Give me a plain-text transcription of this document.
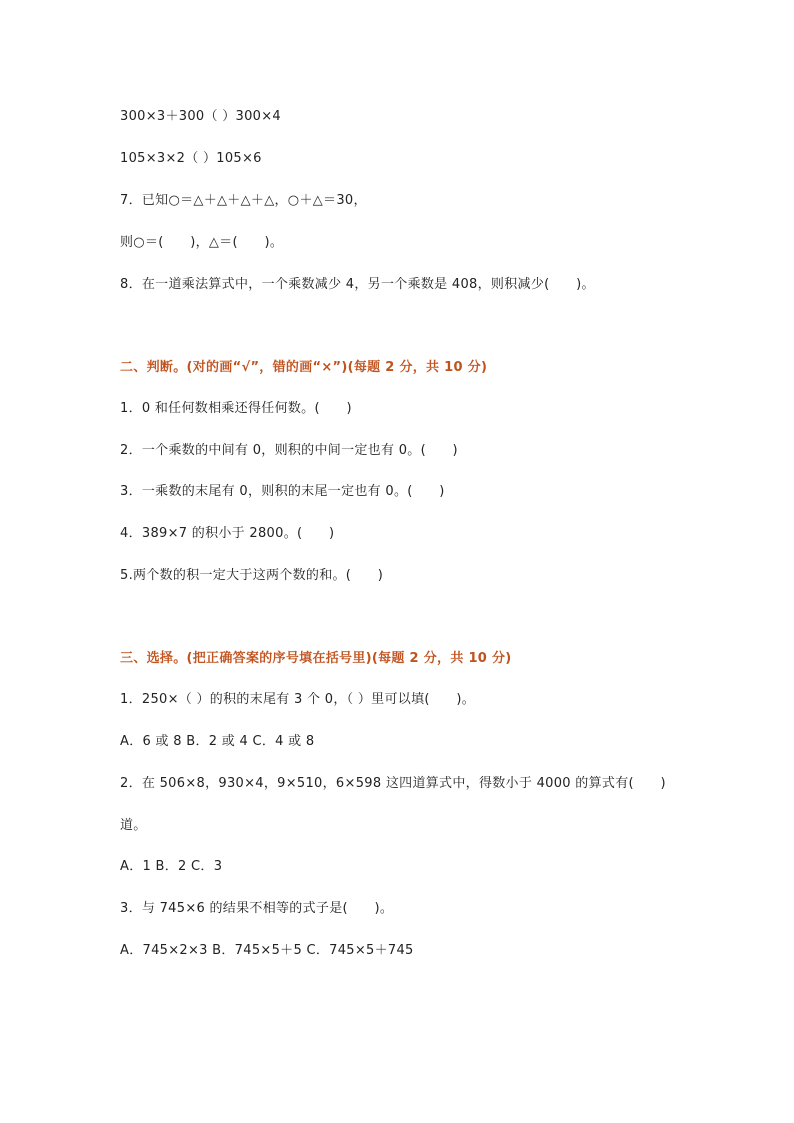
300×3＋300（ ）300×4
105×3×2（ ）105×6
7．已知○＝△＋△＋△＋△，○＋△＝30，
则○＝(      )，△＝(      )。
8．在一道乘法算式中，一个乘数减少 4，另一个乘数是 408，则积减少(      )。
二、判断。(对的画“√”，错的画“×”)(每题 2 分，共 10 分)
1．0 和任何数相乘还得任何数。(      )
2．一个乘数的中间有 0，则积的中间一定也有 0。(      )
3．一乘数的末尾有 0，则积的末尾一定也有 0。(      )
4．389×7 的积小于 2800。(      )
5.两个数的积一定大于这两个数的和。(      )
三、选择。(把正确答案的序号填在括号里)(每题 2 分，共 10 分)
1．250×（ ）的积的末尾有 3 个 0，（ ）里可以填(      )。
A．6 或 8 B．2 或 4 C．4 或 8
2．在 506×8，930×4，9×510，6×598 这四道算式中，得数小于 4000 的算式有(      )
道。
A．1 B．2 C．3
3．与 745×6 的结果不相等的式子是(      )。
A．745×2×3 B．745×5＋5 C．745×5＋745
